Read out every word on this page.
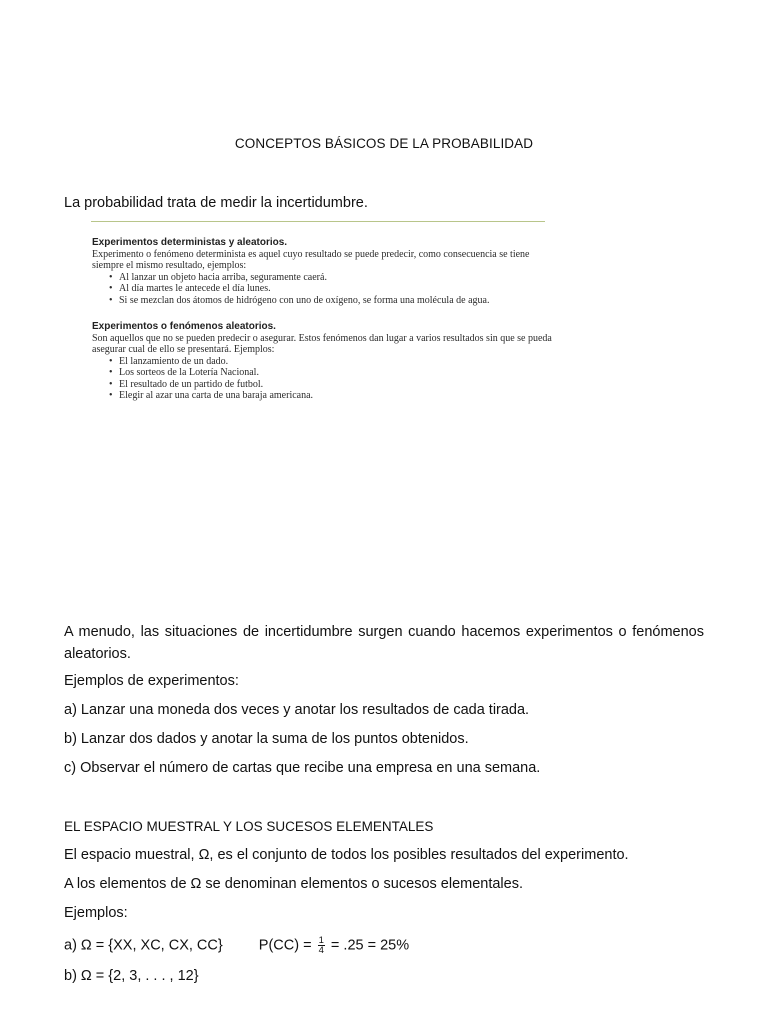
CONCEPTOS BÁSICOS DE LA PROBABILIDAD
La probabilidad trata de medir la incertidumbre.
Experimentos deterministas y aleatorios.
Experimento o fenómeno determinista es aquel cuyo resultado se puede predecir, como consecuencia se tiene siempre el mismo resultado, ejemplos:
• Al lanzar un objeto hacia arriba, seguramente caerá.
• Al día martes le antecede el día lunes.
• Si se mezclan dos átomos de hidrógeno con uno de oxígeno, se forma una molécula de agua.
Experimentos o fenómenos aleatorios.
Son aquellos que no se pueden predecir o asegurar. Estos fenómenos dan lugar a varios resultados sin que se pueda asegurar cual de ello se presentará. Ejemplos:
• El lanzamiento de un dado.
• Los sorteos de la Lotería Nacional.
• El resultado de un partido de futbol.
• Elegir al azar una carta de una baraja americana.
A menudo, las situaciones de incertidumbre surgen cuando hacemos experimentos o fenómenos aleatorios.
Ejemplos de experimentos:
a) Lanzar una moneda dos veces y anotar los resultados de cada tirada.
b) Lanzar dos dados y anotar la suma de los puntos obtenidos.
c) Observar el número de cartas que recibe una empresa en una semana.
EL ESPACIO MUESTRAL Y LOS SUCESOS ELEMENTALES
El espacio muestral, Ω, es el conjunto de todos los posibles resultados del experimento.
A los elementos de Ω se denominan elementos o sucesos elementales.
Ejemplos:
a) Ω = {XX, XC, CX, CC} $P(CC) = \frac{1}{4} = .25 = 25\%$
b) Ω = {2, 3, . . . , 12}
